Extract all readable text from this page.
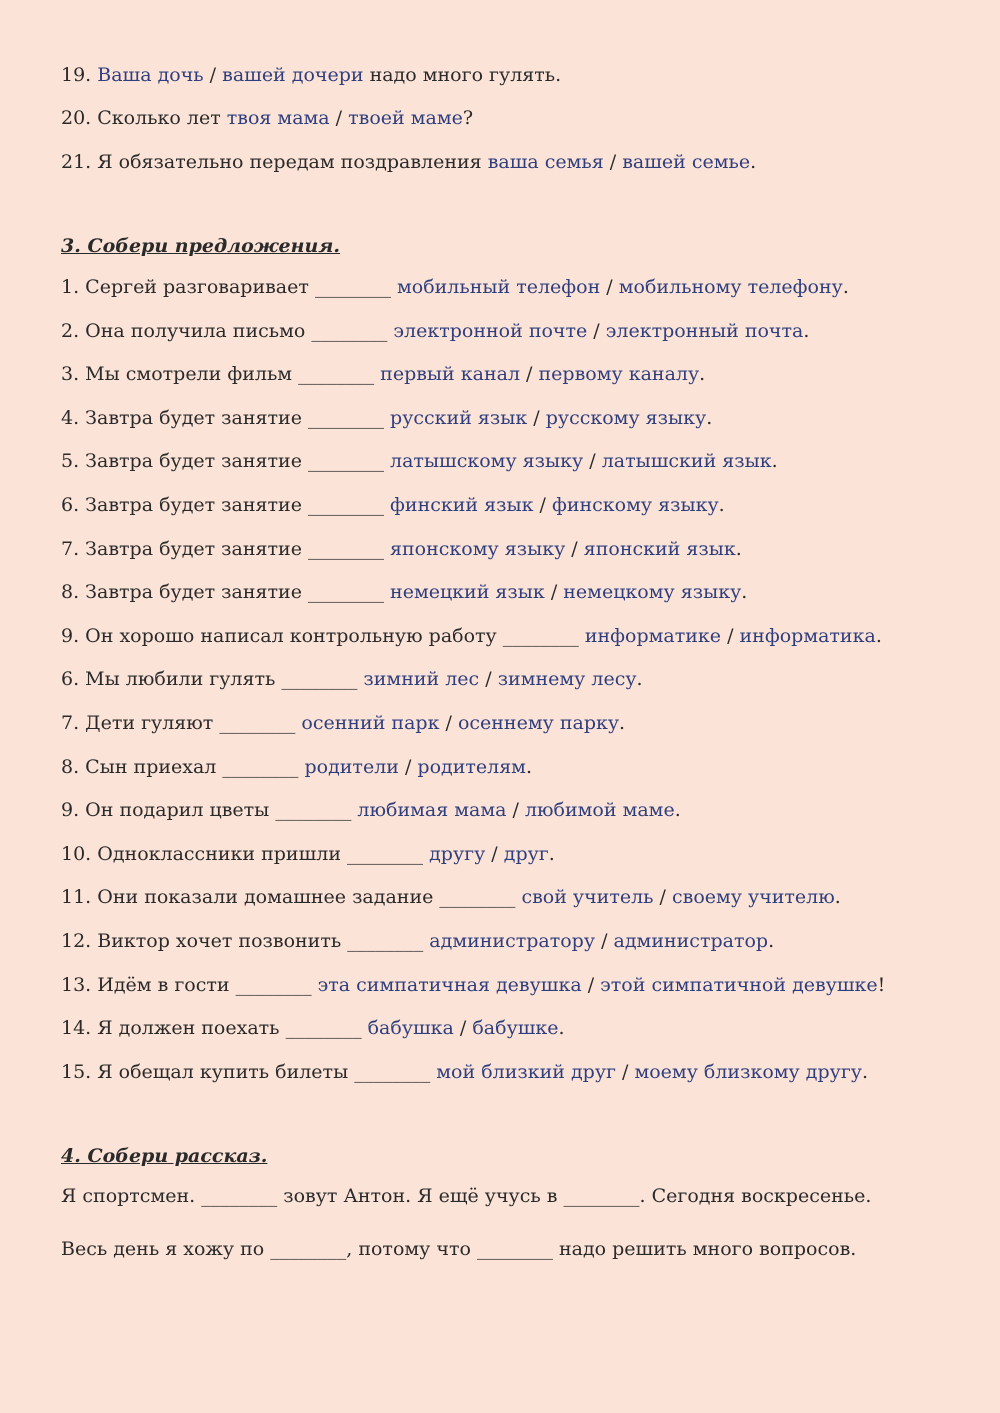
19. Ваша дочь / вашей дочери надо много гулять.
20. Сколько лет твоя мама / твоей маме?
21. Я обязательно передам поздравления ваша семья / вашей семье.
3. Собери предложения.
1. Сергей разговаривает ________ мобильный телефон / мобильному телефону.
2. Она получила письмо ________ электронной почте / электронный почта.
3. Мы смотрели фильм ________ первый канал / первому каналу.
4. Завтра будет занятие ________ русский язык / русскому языку.
5. Завтра будет занятие ________ латышскому языку / латышский язык.
6. Завтра будет занятие ________ финский язык / финскому языку.
7. Завтра будет занятие ________ японскому языку / японский язык.
8. Завтра будет занятие ________ немецкий язык / немецкому языку.
9. Он хорошо написал контрольную работу ________ информатике / информатика.
6. Мы любили гулять ________ зимний лес / зимнему лесу.
7. Дети гуляют ________ осенний парк / осеннему парку.
8. Сын приехал ________ родители / родителям.
9. Он подарил цветы ________ любимая мама / любимой маме.
10. Одноклассники пришли ________ другу / друг.
11. Они показали домашнее задание ________ свой учитель / своему учителю.
12. Виктор хочет позвонить ________ администратору / администратор.
13. Идём в гости ________ эта симпатичная девушка / этой симпатичной девушке!
14. Я должен поехать ________ бабушка / бабушке.
15. Я обещал купить билеты ________ мой близкий друг / моему близкому другу.
4. Собери рассказ.
Я спортсмен. ________ зовут Антон. Я ещё учусь в ________. Сегодня воскресенье.
Весь день я хожу по ________, потому что ________ надо решить много вопросов.
